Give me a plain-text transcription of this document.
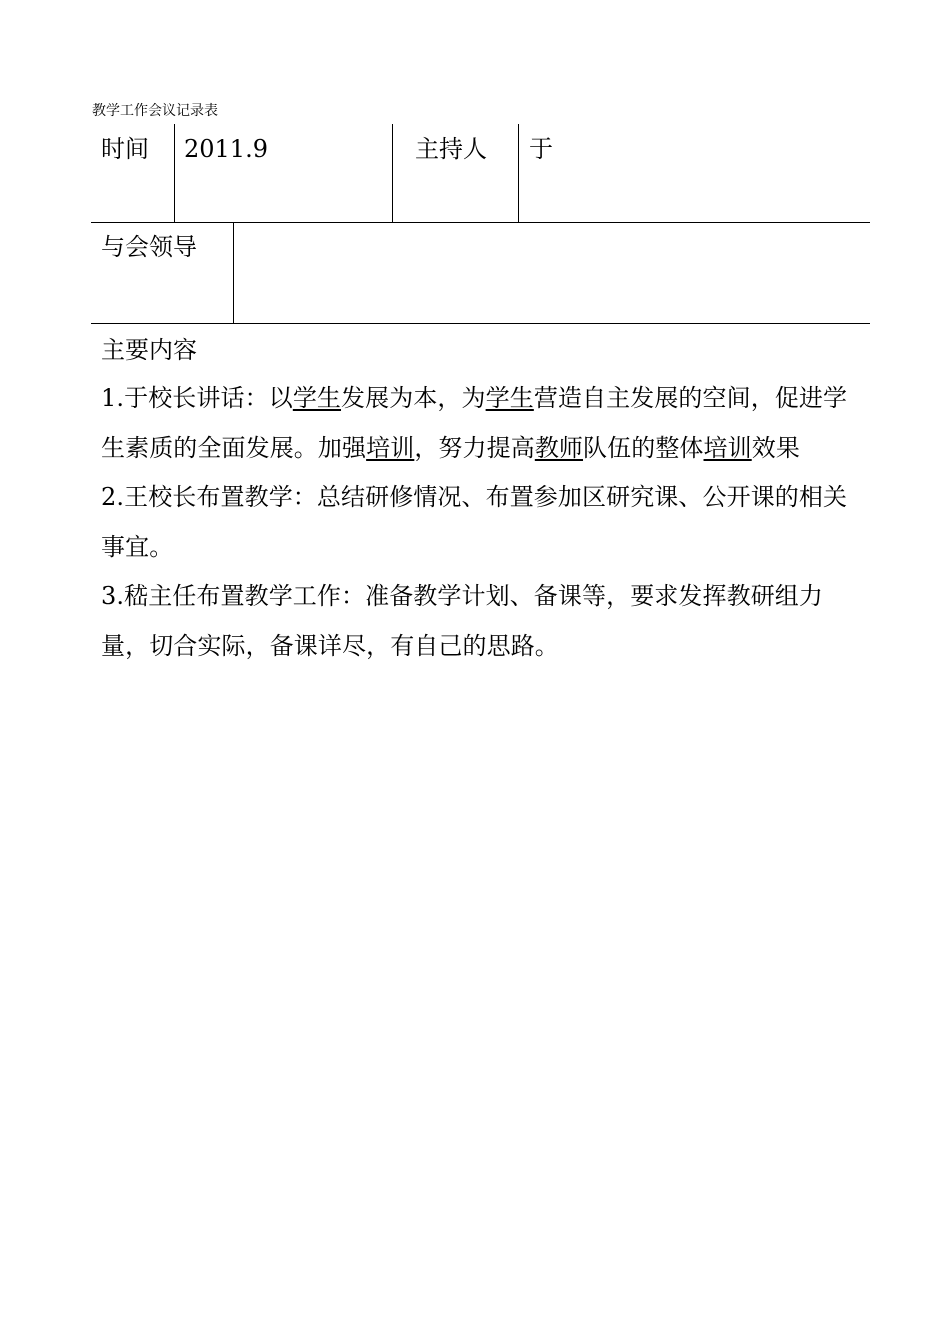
教学工作会议记录表
时间	2011.9	主持人	于
与会领导
主要内容

1.于校长讲话：以学生发展为本，为学生营造自主发展的空间，促进学生素质的全面发展。加强培训，努力提高教师队伍的整体培训效果

2.王校长布置教学：总结研修情况、布置参加区研究课、公开课的相关事宜。

3.嵇主任布置教学工作：准备教学计划、备课等，要求发挥教研组力量，切合实际，备课详尽，有自己的思路。
